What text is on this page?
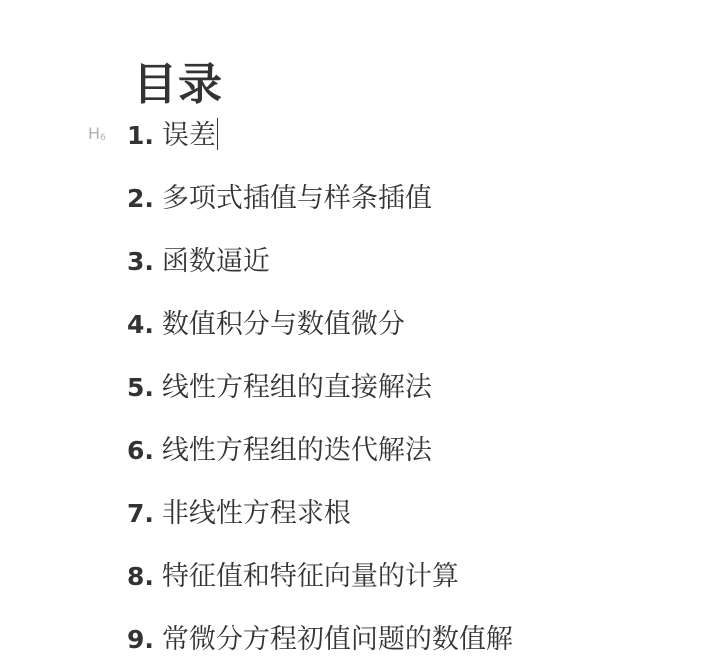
目录
$H_6$ 1. 误差
2. 多项式插值与样条插值
3. 函数逼近
4. 数值积分与数值微分
5. 线性方程组的直接解法
6. 线性方程组的迭代解法
7. 非线性方程求根
8. 特征值和特征向量的计算
9. 常微分方程初值问题的数值解
